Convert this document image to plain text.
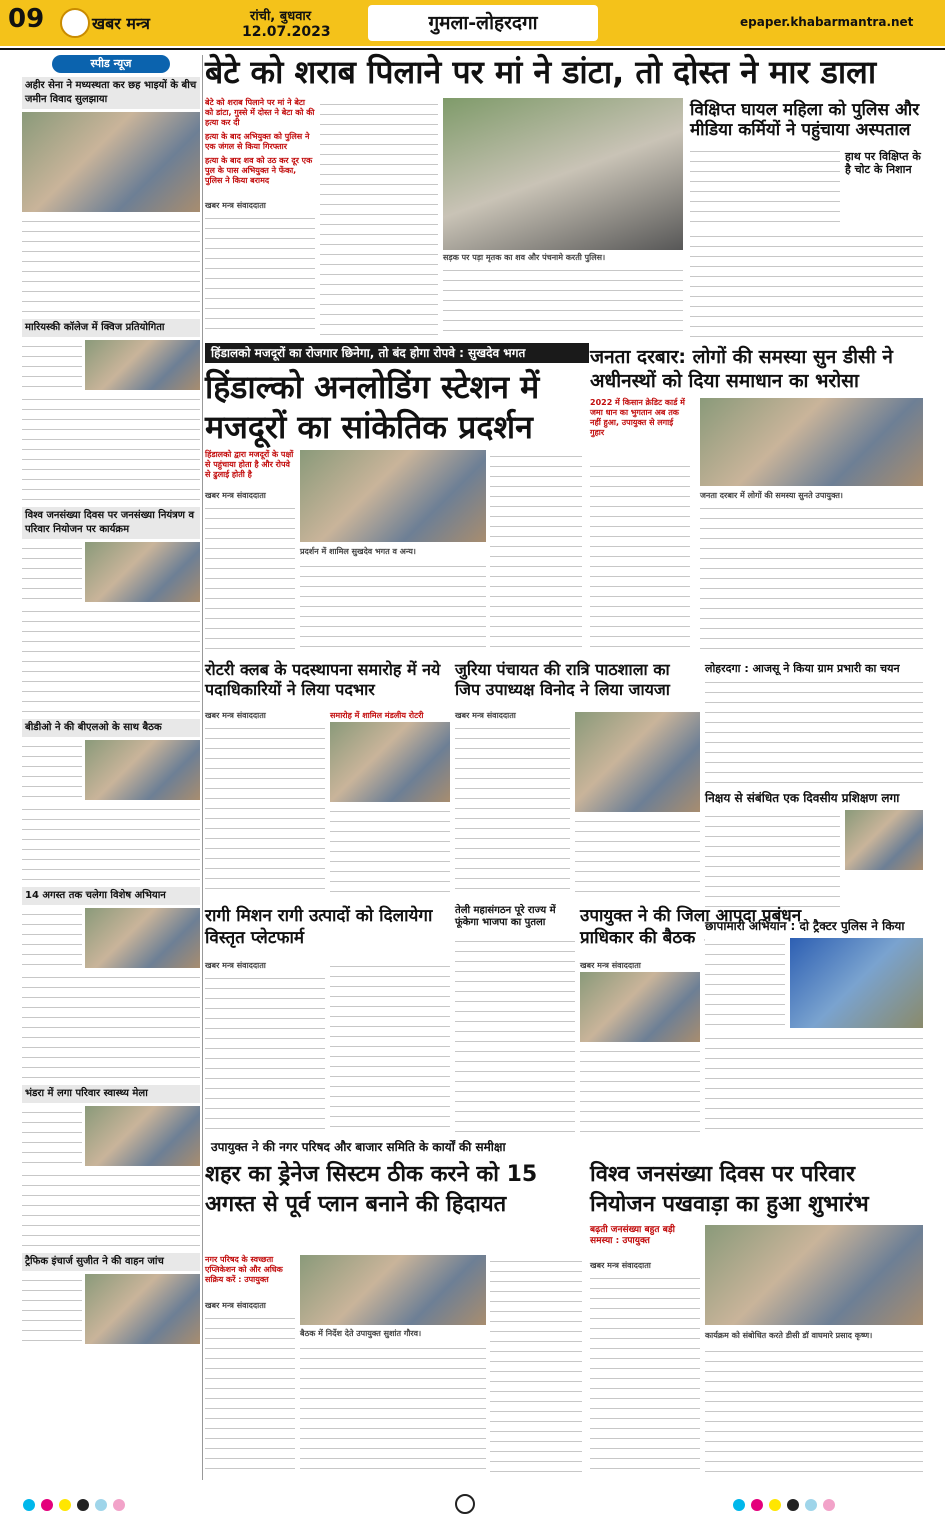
09	खबर मन्त्र	रांची, बुधवार
12.07.2023	गुमला-लोहरदगा	epaper.khabarmantra.net
स्पीड न्यूज
अहीर सेना ने मध्यस्थता कर छह भाइयों के बीच जमीन विवाद सुलझाया
मारियस्की कॉलेज में क्विज प्रतियोगिता
विश्व जनसंख्या दिवस पर जनसंख्या नियंत्रण व परिवार नियोजन पर कार्यक्रम
बीडीओ ने की बीएलओ के साथ बैठक
14 अगस्त तक चलेगा विशेष अभियान
भंडरा में लगा परिवार स्वास्थ्य मेला
ट्रैफिक इंचार्ज सुजीत ने की वाहन जांच
बेटे को शराब पिलाने पर मां ने डांटा, तो दोस्त ने मार डाला
बेटे को शराब पिलाने पर मां ने बेटा को डांटा, गुस्से में दोस्त ने बेटा को की हत्या कर दी
हत्या के बाद अभियुक्त को पुलिस ने एक जंगल से किया गिरफ्तार
हत्या के बाद शव को उठ कर दूर एक पुल के पास अभियुक्त ने फेंका, पुलिस ने किया बरामद
खबर मन्त्र संवाददाता
सड़क पर पड़ा मृतक का शव और पंचनामे करती पुलिस।
विक्षिप्त घायल महिला को पुलिस और मीडिया कर्मियों ने पहुंचाया अस्पताल
हाथ पर विक्षिप्त के है चोट के निशान
हिंडालको मजदूरों का रोजगार छिनेगा, तो बंद होगा रोपवे : सुखदेव भगत
हिंडाल्को अनलोडिंग स्टेशन में मजदूरों का सांकेतिक प्रदर्शन
हिंडालको द्वारा मजदूरों के पक्षों से पहुंचाया होता है और रोपवे से ढुलाई होती है
खबर मन्त्र संवाददाता
प्रदर्शन में शामिल सुखदेव भगत व अन्य।
जनता दरबार: लोगों की समस्या सुन डीसी ने अधीनस्थों को दिया समाधान का भरोसा
2022 में किसान क्रेडिट कार्ड में जमा धान का भुगतान अब तक नहीं हुआ, उपायुक्त से लगाई गुहार
जनता दरबार में लोगों की समस्या सुनते उपायुक्त।
लोहरदगा : आजसू ने किया ग्राम प्रभारी का चयन
रोटरी क्लब के पदस्थापना समारोह में नये पदाधिकारियों ने लिया पदभार
खबर मन्त्र संवाददाता	समारोह में शामिल मंडलीय रोटरी
जुरिया पंचायत की रात्रि पाठशाला का जिप उपाध्यक्ष विनोद ने लिया जायजा
खबर मन्त्र संवाददाता
निक्षय से संबंधित एक दिवसीय प्रशिक्षण लगा
रागी मिशन रागी उत्पादों को दिलायेगा विस्तृत प्लेटफार्म
खबर मन्त्र संवाददाता
तेली महासंगठन पूरे राज्य में फूंकेगा भाजपा का पुतला	उपायुक्त ने की जिला आपदा प्रबंधन प्राधिकार की बैठक
खबर मन्त्र संवाददाता
छापामारी अभियान : दो ट्रैक्टर पुलिस ने किया
उपायुक्त ने की नगर परिषद और बाजार समिति के कार्यों की समीक्षा
शहर का ड्रेनेज सिस्टम ठीक करने को 15 अगस्त से पूर्व प्लान बनाने की हिदायत
नगर परिषद के स्वच्छता एप्लिकेशन को और अधिक सक्रिय करें : उपायुक्त
खबर मन्त्र संवाददाता
बैठक में निर्देश देते उपायुक्त सुशांत गौरव।
विश्व जनसंख्या दिवस पर परिवार नियोजन पखवाड़ा का हुआ शुभारंभ
बढ़ती जनसंख्या बहुत बड़ी समस्या : उपायुक्त
खबर मन्त्र संवाददाता
कार्यक्रम को संबोधित करते डीसी डॉ वाघमारे प्रसाद कृष्ण।
